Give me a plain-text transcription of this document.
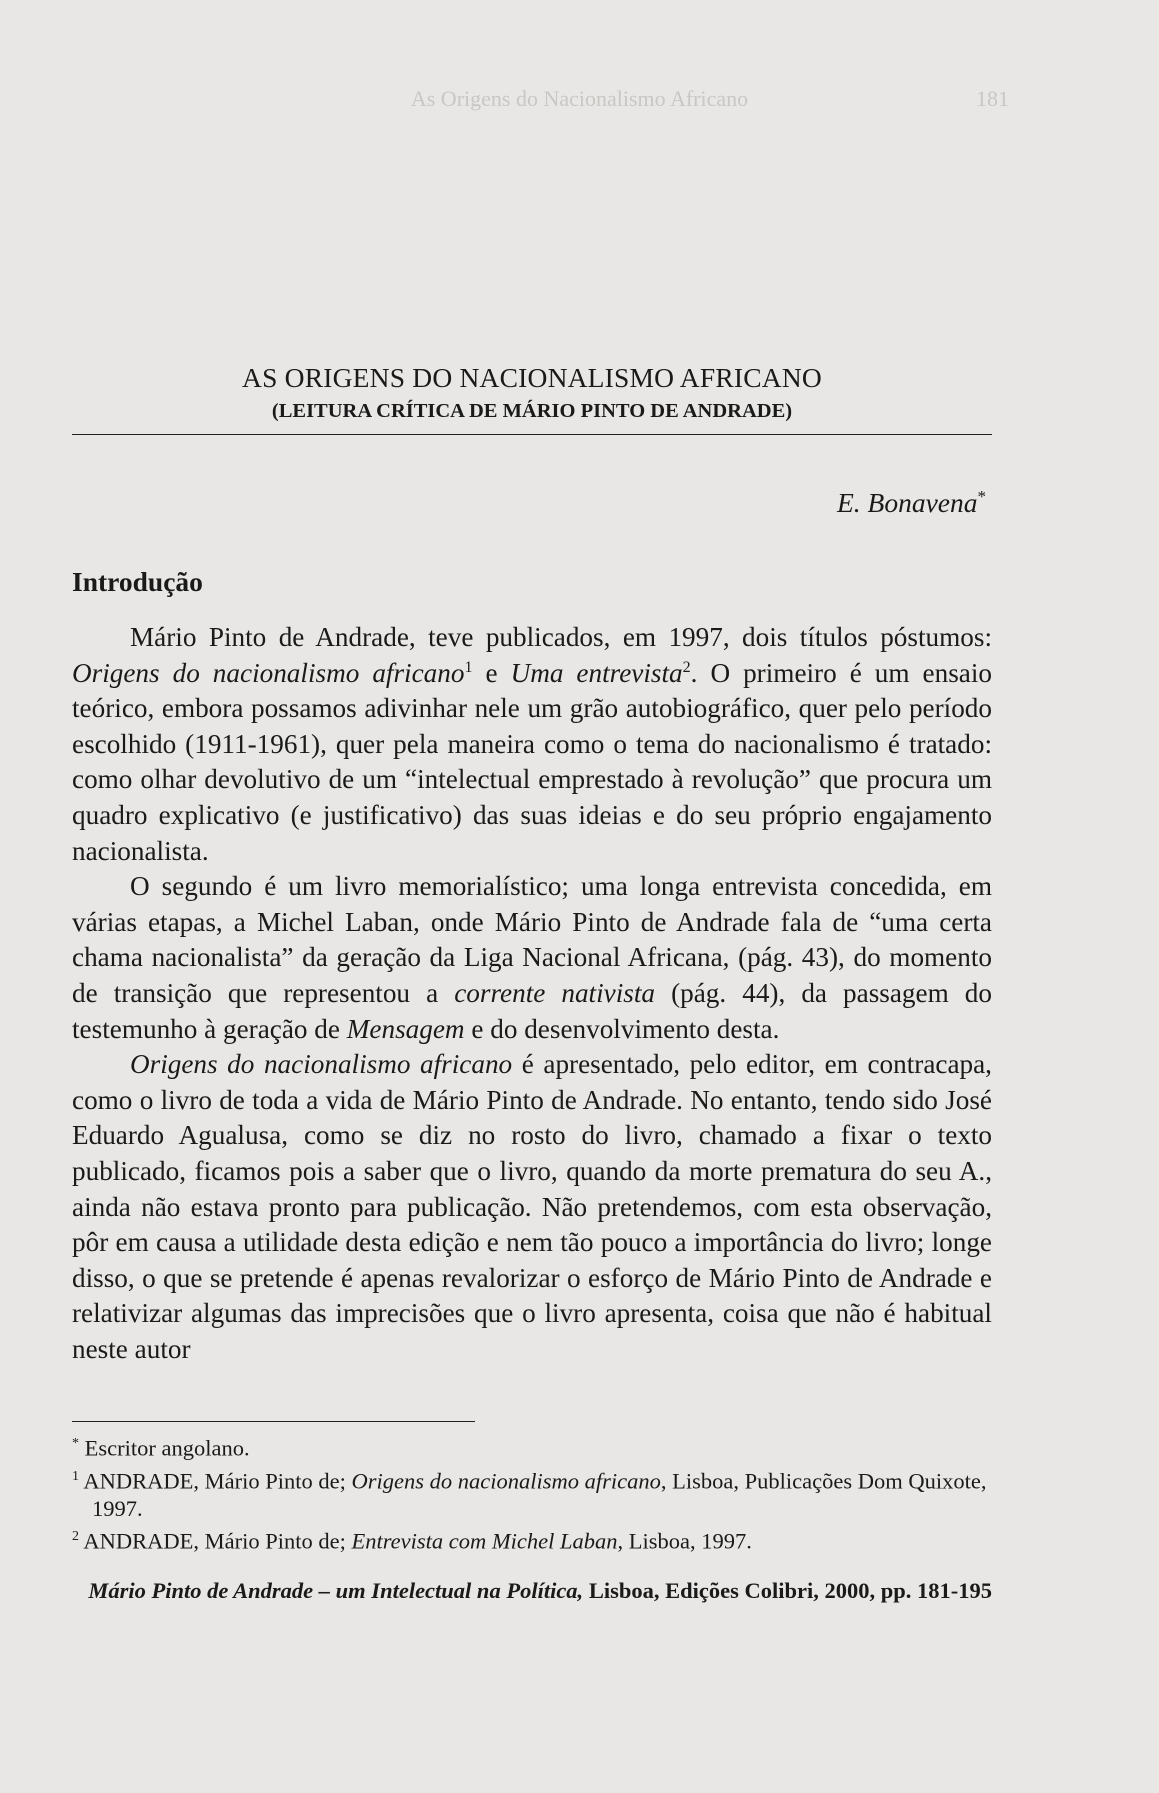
As Origens do Nacionalismo Africano	181
AS ORIGENS DO NACIONALISMO AFRICANO
(LEITURA CRÍTICA DE MÁRIO PINTO DE ANDRADE)
E. Bonavena*
Introdução

Mário Pinto de Andrade, teve publicados, em 1997, dois títulos póstumos: Origens do nacionalismo africano$^1$ e Uma entrevista$^2$. O primeiro é um ensaio teórico, embora possamos adivinhar nele um grão autobiográfico, quer pelo período escolhido (1911-1961), quer pela maneira como o tema do nacionalismo é tratado: como olhar devolutivo de um “intelectual emprestado à revolução” que procura um quadro explicativo (e justificativo) das suas ideias e do seu próprio engajamento nacionalista.

O segundo é um livro memorialístico; uma longa entrevista concedida, em várias etapas, a Michel Laban, onde Mário Pinto de Andrade fala de “uma certa chama nacionalista” da geração da Liga Nacional Africana, (pág. 43), do momento de transição que representou a corrente nativista (pág. 44), da passagem do testemunho à geração de Mensagem e do desenvolvimento desta.

Origens do nacionalismo africano é apresentado, pelo editor, em contracapa, como o livro de toda a vida de Mário Pinto de Andrade. No entanto, tendo sido José Eduardo Agualusa, como se diz no rosto do livro, chamado a fixar o texto publicado, ficamos pois a saber que o livro, quando da morte prematura do seu A., ainda não estava pronto para publicação. Não pretendemos, com esta observação, pôr em causa a utilidade desta edição e nem tão pouco a importância do livro; longe disso, o que se pretende é apenas revalorizar o esforço de Mário Pinto de Andrade e relativizar algumas das imprecisões que o livro apresenta, coisa que não é habitual neste autor

* Escritor angolano.
$^1$ ANDRADE, Mário Pinto de; Origens do nacionalismo africano, Lisboa, Publicações Dom Quixote, 1997.
$^2$ ANDRADE, Mário Pinto de; Entrevista com Michel Laban, Lisboa, 1997.
Mário Pinto de Andrade – um Intelectual na Política, Lisboa, Edições Colibri, 2000, pp. 181-195
